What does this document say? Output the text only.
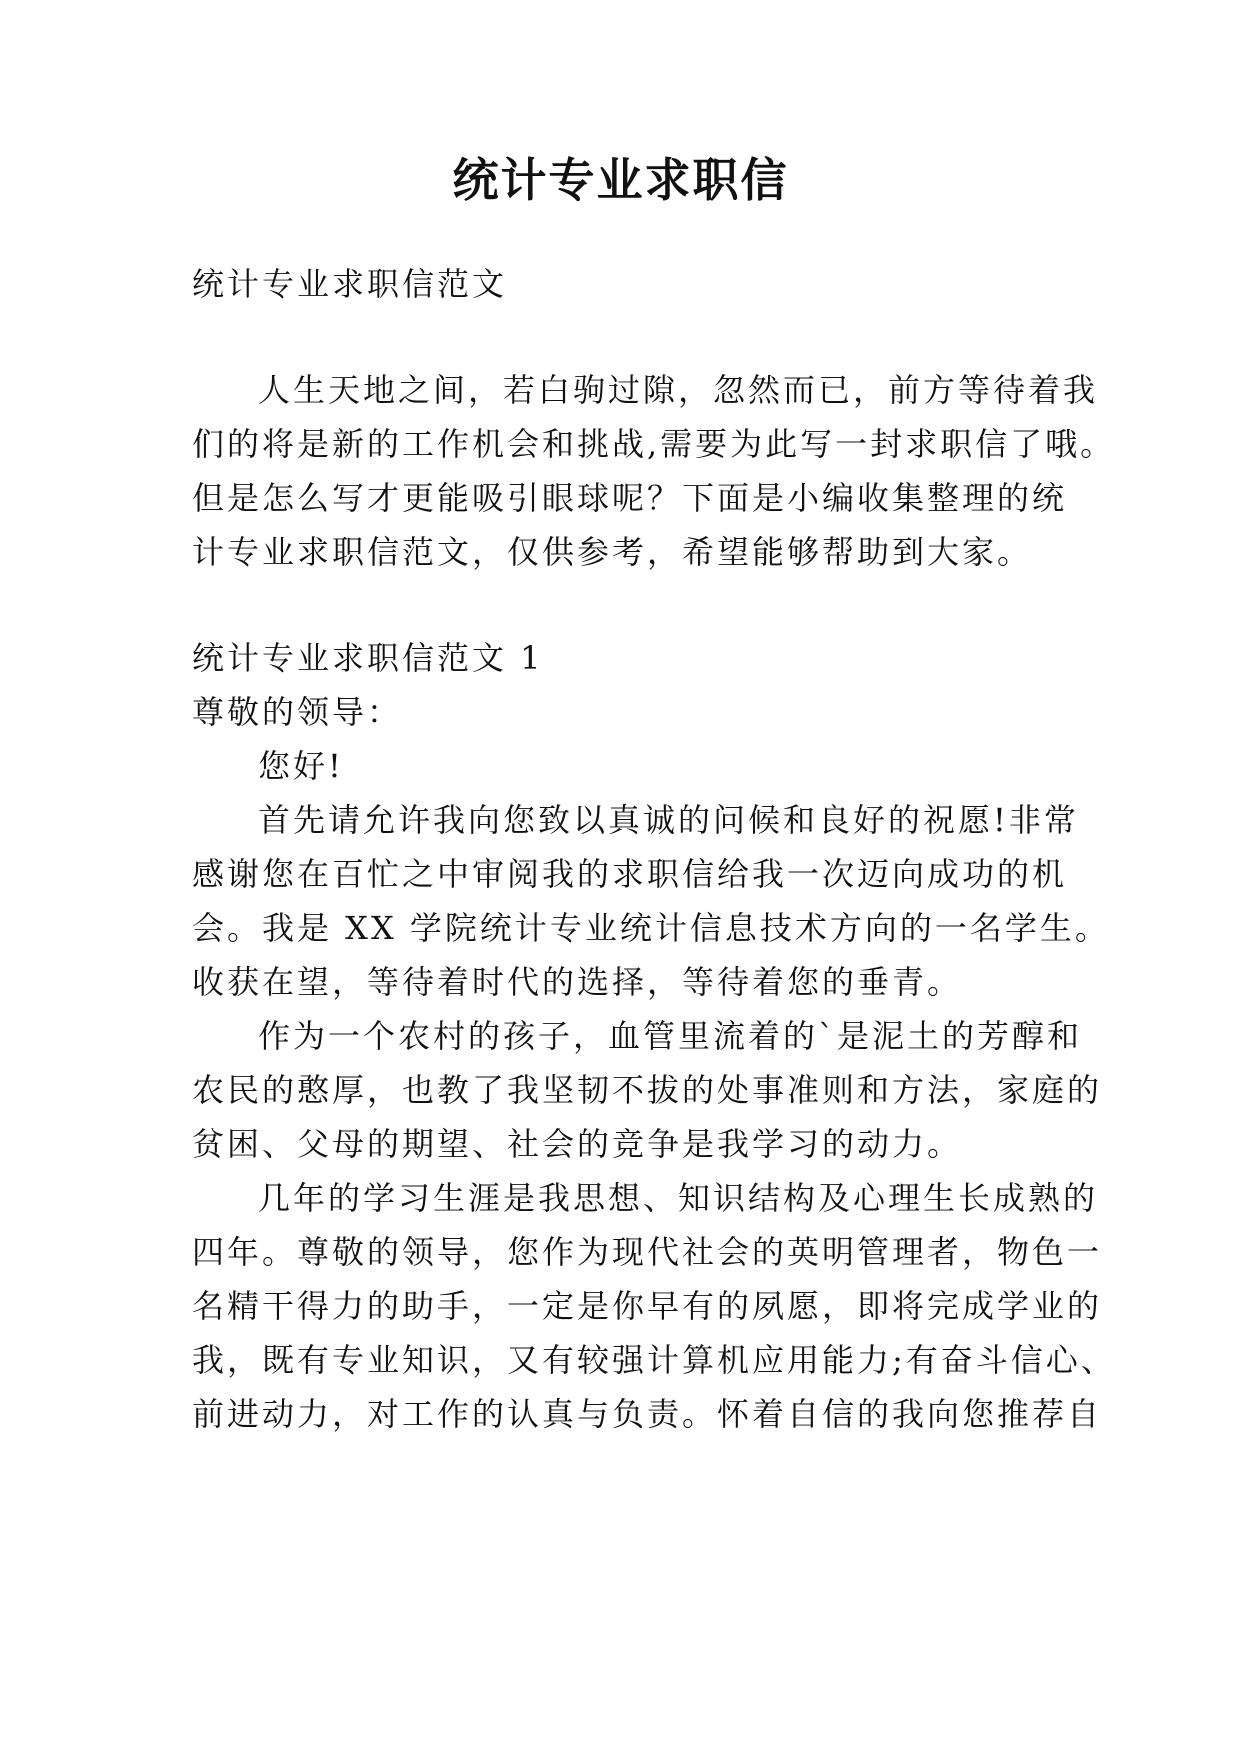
统计专业求职信

统计专业求职信范文

人生天地之间，若白驹过隙，忽然而已，前方等待着我

们的将是新的工作机会和挑战,需要为此写一封求职信了哦。

但是怎么写才更能吸引眼球呢？下面是小编收集整理的统

计专业求职信范文，仅供参考，希望能够帮助到大家。

统计专业求职信范文 1

尊敬的领导：

您好!

首先请允许我向您致以真诚的问候和良好的祝愿!非常

感谢您在百忙之中审阅我的求职信给我一次迈向成功的机

会。我是 XX 学院统计专业统计信息技术方向的一名学生。

收获在望，等待着时代的选择，等待着您的垂青。

作为一个农村的孩子，血管里流着的`是泥土的芳醇和

农民的憨厚，也教了我坚韧不拔的处事准则和方法，家庭的

贫困、父母的期望、社会的竞争是我学习的动力。

几年的学习生涯是我思想、知识结构及心理生长成熟的

四年。尊敬的领导，您作为现代社会的英明管理者，物色一

名精干得力的助手，一定是你早有的夙愿，即将完成学业的

我，既有专业知识，又有较强计算机应用能力;有奋斗信心、

前进动力，对工作的认真与负责。怀着自信的我向您推荐自
